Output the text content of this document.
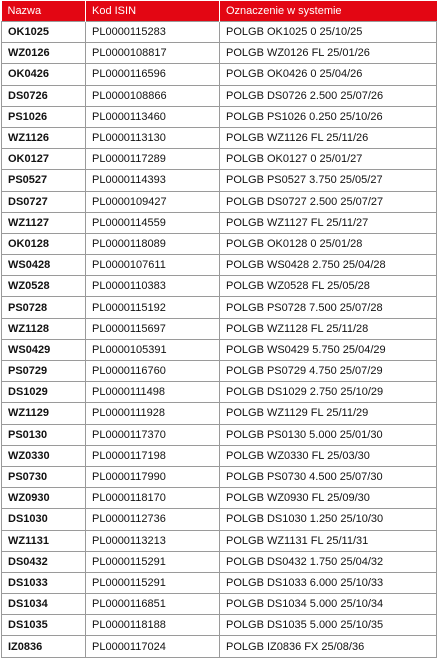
Nazwa	Kod ISIN	Oznaczenie w systemie
OK1025	PL0000115283	POLGB OK1025 0 25/10/25
WZ0126	PL0000108817	POLGB WZ0126 FL 25/01/26
OK0426	PL0000116596	POLGB OK0426 0 25/04/26
DS0726	PL0000108866	POLGB DS0726 2.500 25/07/26
PS1026	PL0000113460	POLGB PS1026 0.250 25/10/26
WZ1126	PL0000113130	POLGB WZ1126 FL 25/11/26
OK0127	PL0000117289	POLGB OK0127 0 25/01/27
PS0527	PL0000114393	POLGB PS0527 3.750 25/05/27
DS0727	PL0000109427	POLGB DS0727 2.500 25/07/27
WZ1127	PL0000114559	POLGB WZ1127 FL 25/11/27
OK0128	PL0000118089	POLGB OK0128 0 25/01/28
WS0428	PL0000107611	POLGB WS0428 2.750 25/04/28
WZ0528	PL0000110383	POLGB WZ0528 FL 25/05/28
PS0728	PL0000115192	POLGB PS0728 7.500 25/07/28
WZ1128	PL0000115697	POLGB WZ1128 FL 25/11/28
WS0429	PL0000105391	POLGB WS0429 5.750 25/04/29
PS0729	PL0000116760	POLGB PS0729 4.750 25/07/29
DS1029	PL0000111498	POLGB DS1029 2.750 25/10/29
WZ1129	PL0000111928	POLGB WZ1129 FL 25/11/29
PS0130	PL0000117370	POLGB PS0130 5.000 25/01/30
WZ0330	PL0000117198	POLGB WZ0330 FL 25/03/30
PS0730	PL0000117990	POLGB PS0730 4.500 25/07/30
WZ0930	PL0000118170	POLGB WZ0930 FL 25/09/30
DS1030	PL0000112736	POLGB DS1030 1.250 25/10/30
WZ1131	PL0000113213	POLGB WZ1131 FL 25/11/31
DS0432	PL0000115291	POLGB DS0432 1.750 25/04/32
DS1033	PL0000115291	POLGB DS1033 6.000 25/10/33
DS1034	PL0000116851	POLGB DS1034 5.000 25/10/34
DS1035	PL0000118188	POLGB DS1035 5.000 25/10/35
IZ0836	PL0000117024	POLGB IZ0836 FX 25/08/36
